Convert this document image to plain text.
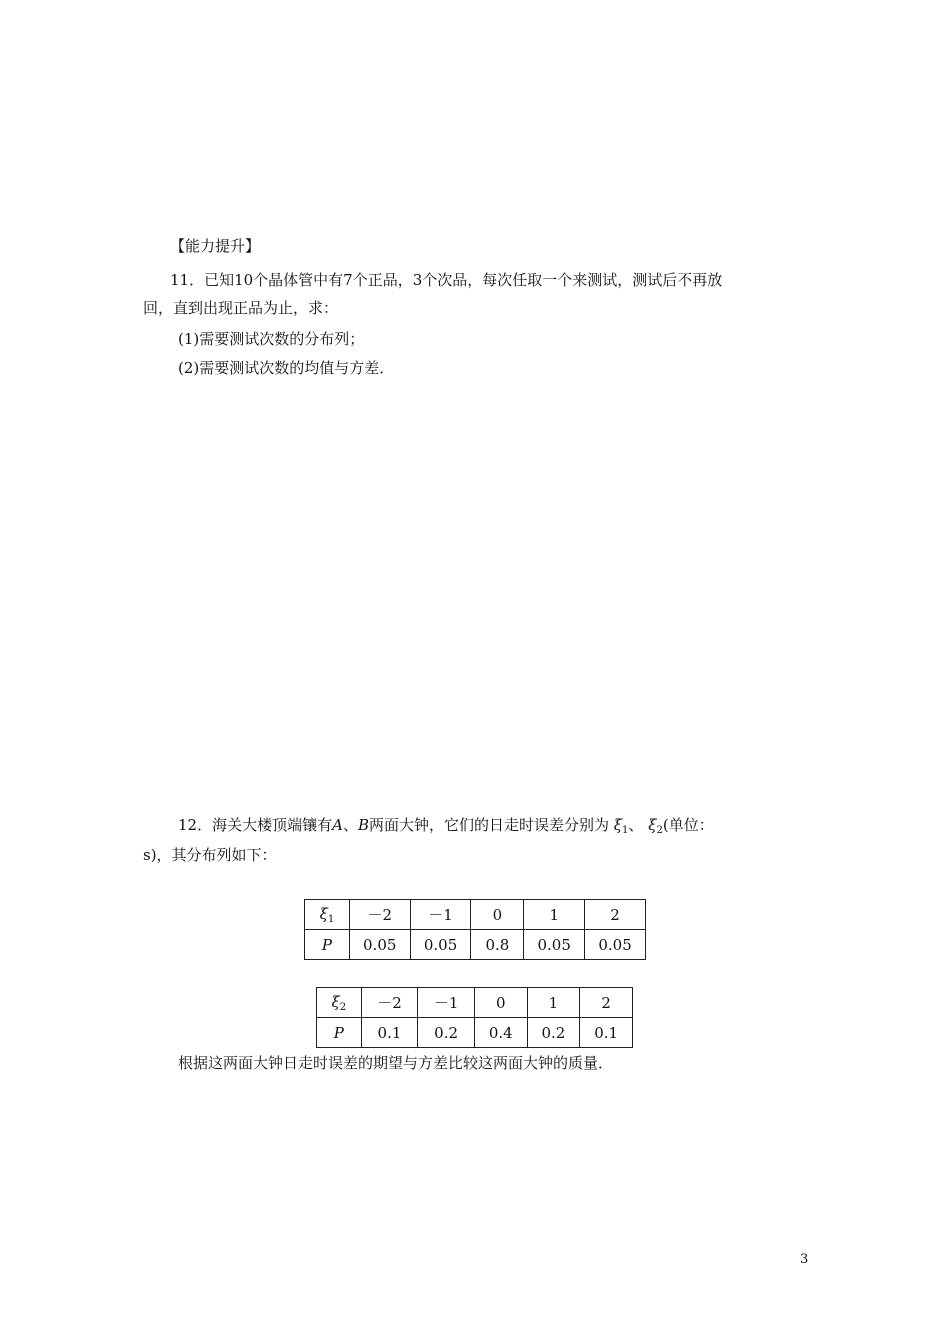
【能力提升】
11．已知10个晶体管中有7个正品，3个次品，每次任取一个来测试，测试后不再放
回，直到出现正品为止，求：
(1)需要测试次数的分布列；
(2)需要测试次数的均值与方差．
12．海关大楼顶端镶有A、B两面大钟，它们的日走时误差分别为 $\xi_1$、 $\xi_2$(单位：
s)，其分布列如下：
$\xi_1$	－2	－1	0	1	2
P	0.05	0.05	0.8	0.05	0.05
$\xi_2$	－2	－1	0	1	2
P	0.1	0.2	0.4	0.2	0.1
根据这两面大钟日走时误差的期望与方差比较这两面大钟的质量．
3
